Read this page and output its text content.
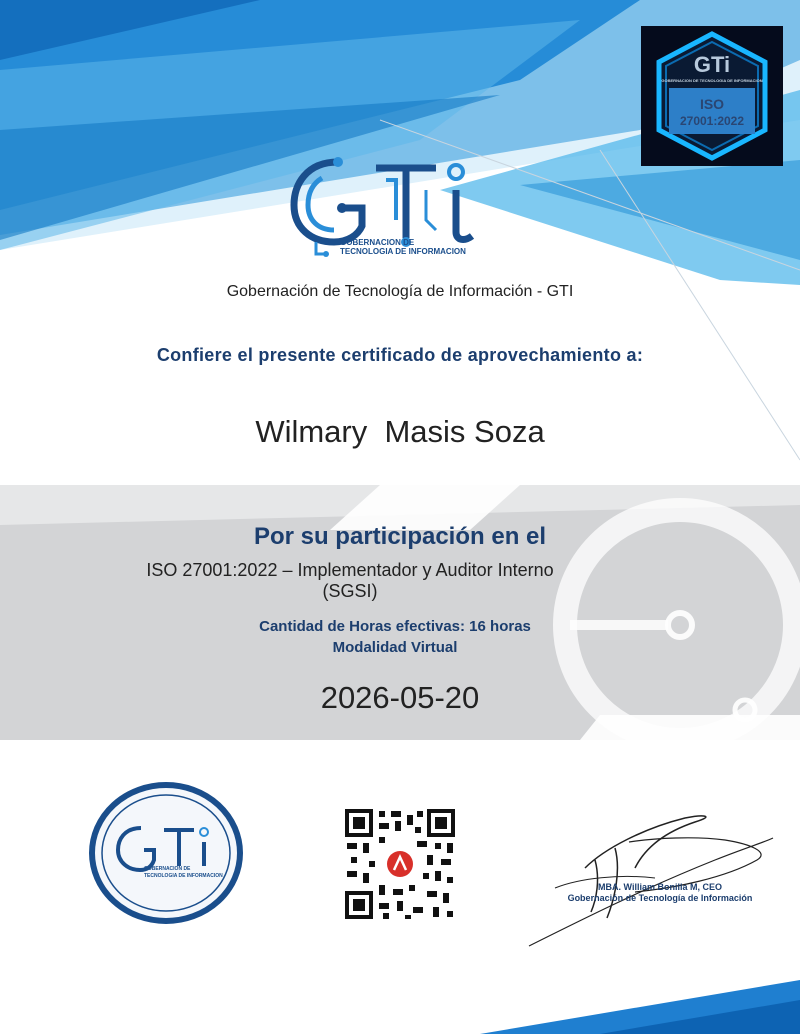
GTi
GOBERNACION DE TECNOLOGIA DE INFORMACION
ISO
27001:2022
GOBERNACION DE
TECNOLOGIA DE INFORMACION
Gobernación de Tecnología de Información - GTI
Confiere el presente certificado de aprovechamiento a:
Wilmary  Masis Soza
Por su participación en el
ISO 27001:2022 – Implementador y Auditor Interno
(SGSI)
Cantidad de Horas efectivas: 16 horas
Modalidad Virtual
2026-05-20
GOBERNACION DE
TECNOLOGIA DE INFORMACION
MBA. William Bonilla M, CEO
Gobernación de Tecnología de Información
